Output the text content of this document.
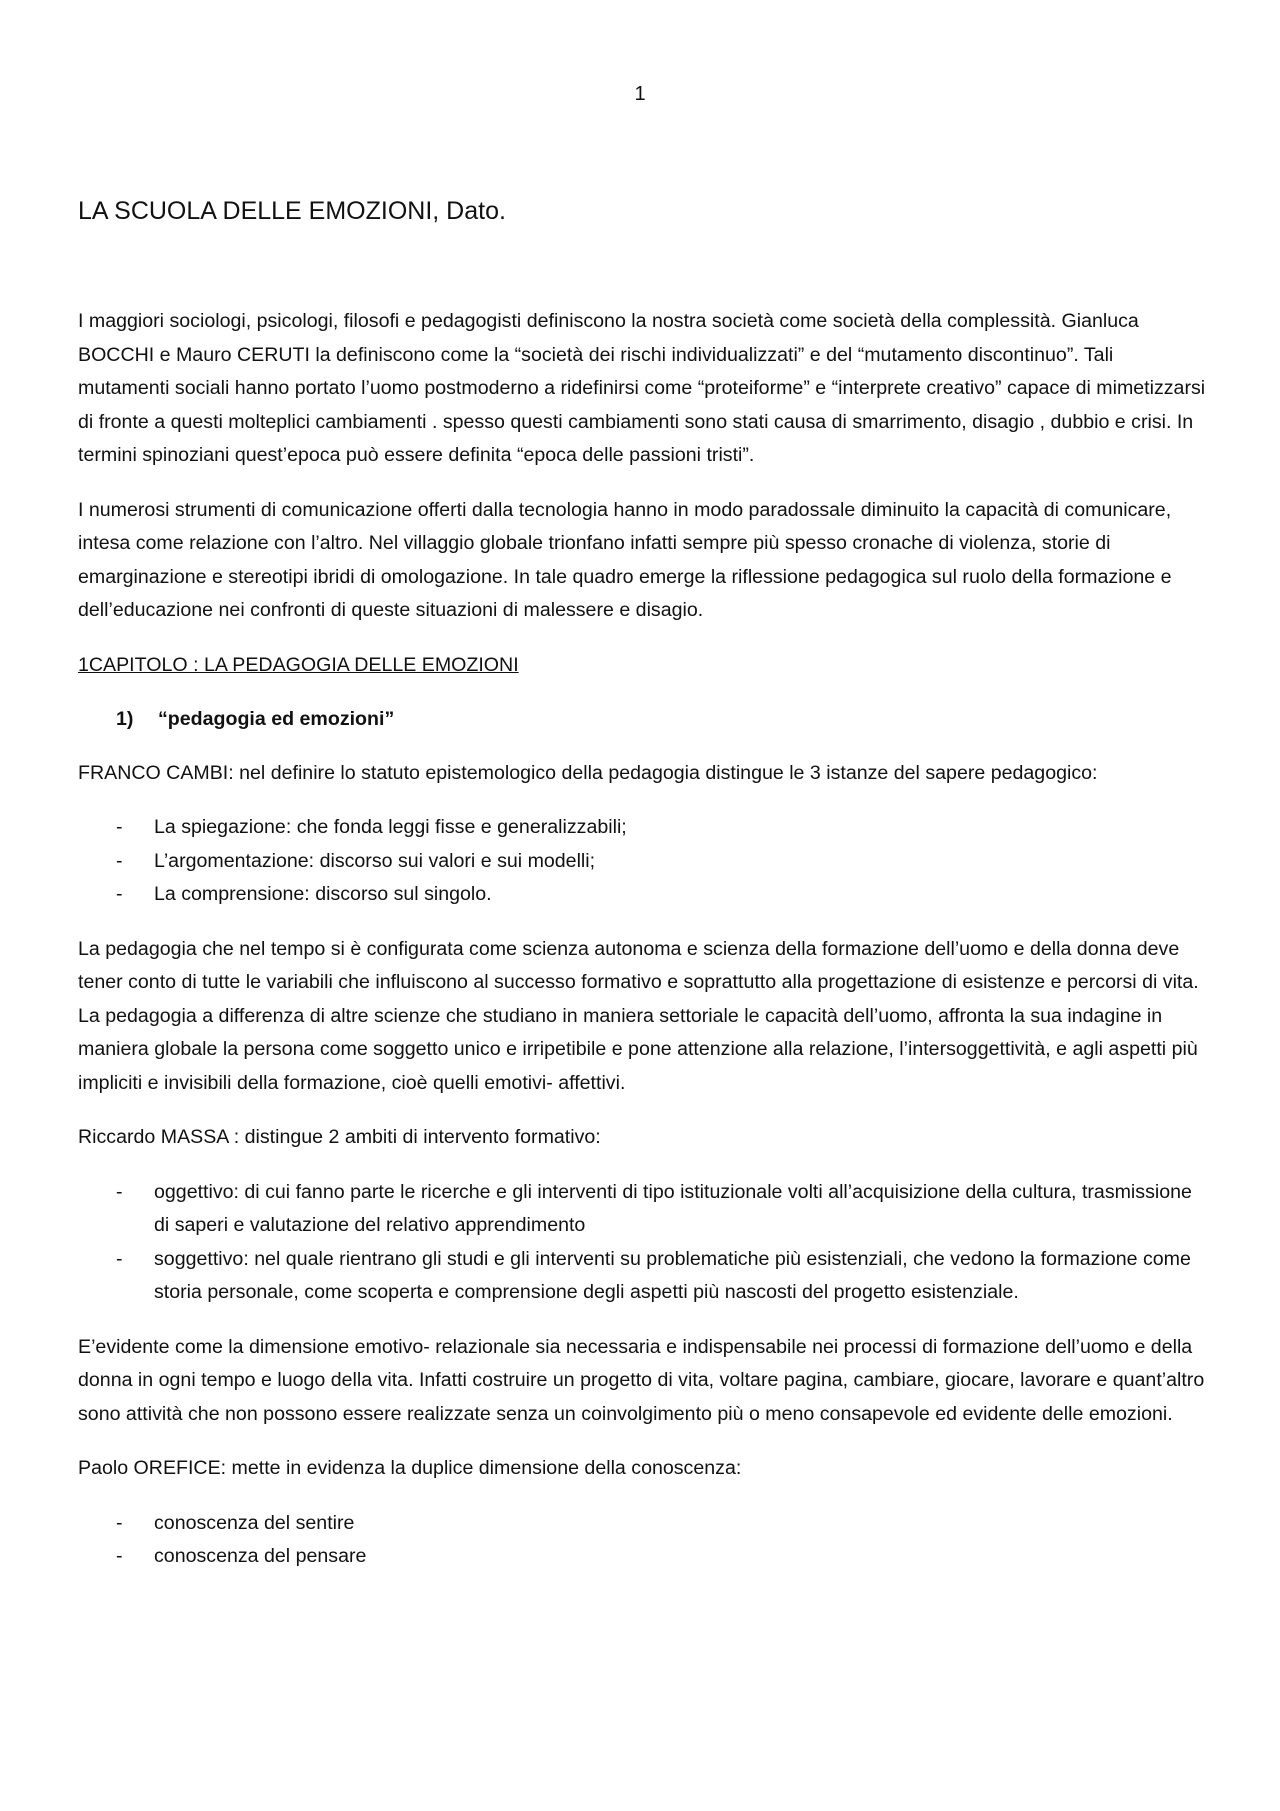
1
LA SCUOLA DELLE EMOZIONI, Dato.

I maggiori sociologi, psicologi, filosofi e pedagogisti definiscono la nostra società come società della complessità. Gianluca BOCCHI e Mauro CERUTI la definiscono come la “società dei rischi individualizzati” e del “mutamento discontinuo”. Tali mutamenti sociali hanno portato l’uomo postmoderno a ridefinirsi come “proteiforme” e “interprete creativo” capace di mimetizzarsi di fronte a questi molteplici cambiamenti . spesso questi cambiamenti sono stati causa di smarrimento, disagio , dubbio e crisi. In termini spinoziani quest’epoca può essere definita “epoca delle passioni tristi”.

I numerosi strumenti di comunicazione offerti dalla tecnologia hanno in modo paradossale diminuito la capacità di comunicare, intesa come relazione con l’altro. Nel villaggio globale trionfano infatti sempre più spesso cronache di violenza, storie di emarginazione e stereotipi ibridi di omologazione. In tale quadro emerge la riflessione pedagogica sul ruolo della formazione e dell’educazione nei confronti di queste situazioni di malessere e disagio.

1CAPITOLO : LA PEDAGOGIA DELLE EMOZIONI

1)	“pedagogia ed emozioni”

FRANCO CAMBI: nel definire lo statuto epistemologico della pedagogia distingue le 3 istanze del sapere pedagogico:

- La spiegazione: che fonda leggi fisse e generalizzabili;
- L’argomentazione: discorso sui valori e sui modelli;
- La comprensione: discorso sul singolo.

La pedagogia che nel tempo si è configurata come scienza autonoma e scienza della formazione dell’uomo e della donna deve tener conto di tutte le variabili che influiscono al successo formativo e soprattutto alla progettazione di esistenze e percorsi di vita. La pedagogia a differenza di altre scienze che studiano in maniera settoriale le capacità dell’uomo, affronta la sua indagine in maniera globale la persona come soggetto unico e irripetibile e pone attenzione alla relazione, l’intersoggettività, e agli aspetti più impliciti e invisibili della formazione, cioè quelli emotivi- affettivi.

Riccardo MASSA : distingue 2 ambiti di intervento formativo:

- oggettivo: di cui fanno parte le ricerche e gli interventi di tipo istituzionale volti all’acquisizione della cultura, trasmissione di saperi e valutazione del relativo apprendimento
- soggettivo: nel quale rientrano gli studi e gli interventi su problematiche più esistenziali, che vedono la formazione come storia personale, come scoperta e comprensione degli aspetti più nascosti del progetto esistenziale.

E’evidente come la dimensione emotivo- relazionale sia necessaria e indispensabile nei processi di formazione dell’uomo e della donna in ogni tempo e luogo della vita. Infatti costruire un progetto di vita, voltare pagina, cambiare, giocare, lavorare e quant’altro sono attività che non possono essere realizzate senza un coinvolgimento più o meno consapevole ed evidente delle emozioni.

Paolo OREFICE: mette in evidenza la duplice dimensione della conoscenza:

- conoscenza del sentire
- conoscenza del pensare
